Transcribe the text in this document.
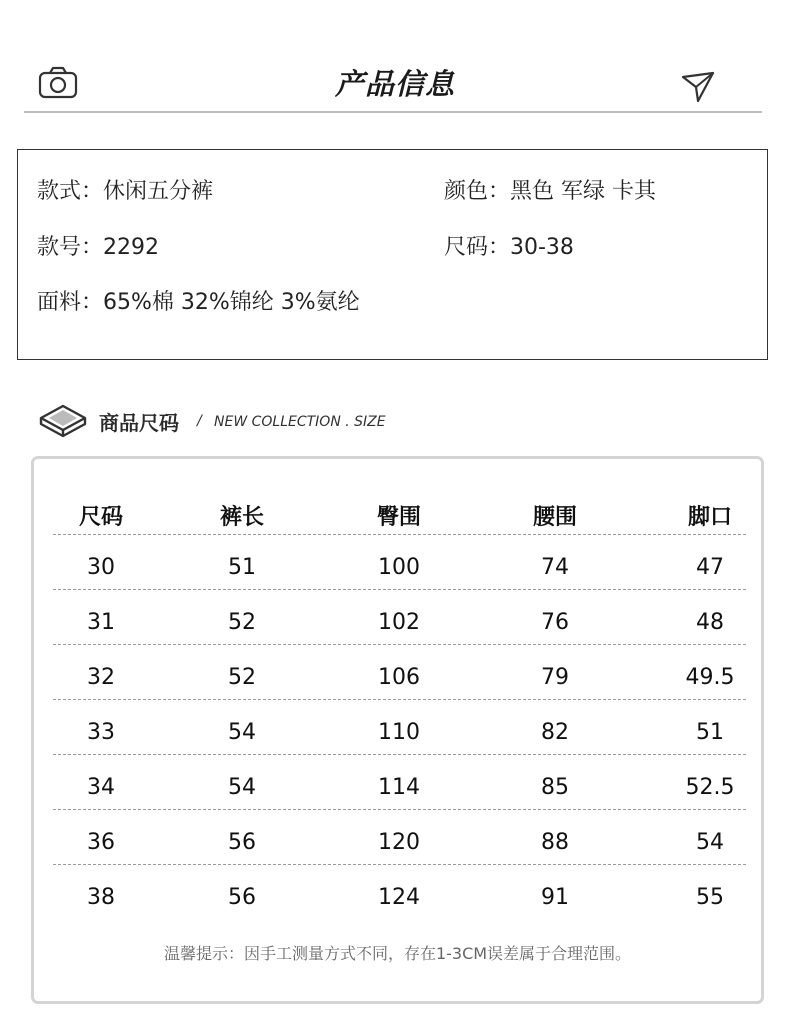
产品信息
款式：休闲五分裤	颜色：黑色 军绿 卡其
款号：2292	尺码：30-38
面料：65%棉 32%锦纶 3%氨纶
商品尺码 / NEW COLLECTION . SIZE
尺码	裤长	臀围	腰围	脚口
30	51	100	74	47
31	52	102	76	48
32	52	106	79	49.5
33	54	110	82	51
34	54	114	85	52.5
36	56	120	88	54
38	56	124	91	55
温馨提示：因手工测量方式不同，存在1-3CM误差属于合理范围。
